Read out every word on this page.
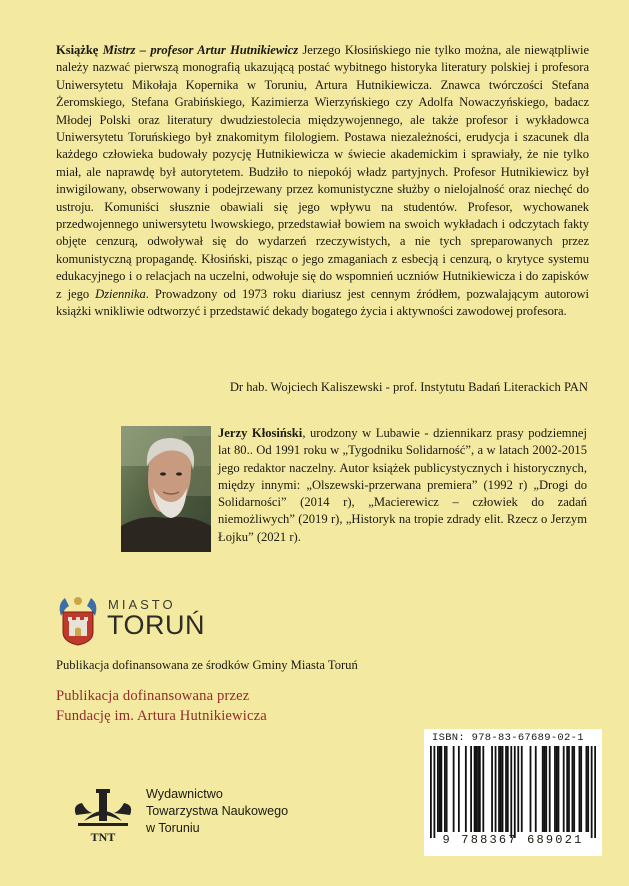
Książkę Mistrz – profesor Artur Hutnikiewicz Jerzego Kłosińskiego nie tylko można, ale niewątpliwie należy nazwać pierwszą monografią ukazującą postać wybitnego historyka literatury polskiej i profesora Uniwersytetu Mikołaja Kopernika w Toruniu, Artura Hutnikiewicza. Znawca twórczości Stefana Żeromskiego, Stefana Grabińskiego, Kazimierza Wierzyńskiego czy Adolfa Nowaczyńskiego, badacz Młodej Polski oraz literatury dwudziestolecia międzywojennego, ale także profesor i wykładowca Uniwersytetu Toruńskiego był znakomitym filologiem. Postawa niezależności, erudycja i szacunek dla każdego człowieka budowały pozycję Hutnikiewicza w świecie akademickim i sprawiały, że nie tylko miał, ale naprawdę był autorytetem. Budziło to niepokój władz partyjnych. Profesor Hutnikiewicz był inwigilowany, obserwowany i podejrzewany przez komunistyczne służby o nielojalność oraz niechęć do ustroju. Komuniści słusznie obawiali się jego wpływu na studentów. Profesor, wychowanek przedwojennego uniwersytetu lwowskiego, przedstawiał bowiem na swoich wykładach i odczytach fakty objęte cenzurą, odwoływał się do wydarzeń rzeczywistych, a nie tych spreparowanych przez komunistyczną propagandę. Kłosiński, pisząc o jego zmaganiach z esbecją i cenzurą, o krytyce systemu edukacyjnego i o relacjach na uczelni, odwołuje się do wspomnień uczniów Hutnikiewicza i do zapisków z jego Dziennika. Prowadzony od 1973 roku diariusz jest cennym źródłem, pozwalającym autorowi książki wnikliwie odtworzyć i przedstawić dekady bogatego życia i aktywności zawodowej profesora.
Dr hab. Wojciech Kaliszewski - prof. Instytutu Badań Literackich PAN
Jerzy Kłosiński, urodzony w Lubawie - dziennikarz prasy podziemnej lat 80.. Od 1991 roku w „Tygodniku Solidarność”, a w latach 2002-2015 jego redaktor naczelny. Autor książek publicystycznych i historycznych, między innymi: „Olszewski-przerwana premiera” (1992 r) „Drogi do Solidarności” (2014 r), „Macierewicz – człowiek do zadań niemożliwych” (2019 r), „Historyk na tropie zdrady elit. Rzecz o Jerzym Łojku” (2021 r).
MIASTO
TORUŃ
Publikacja dofinansowana ze środków Gminy Miasta Toruń
Publikacja dofinansowana przez
Fundację im. Artura Hutnikiewicza
ISBN: 978-83-67689-02-1
9 788367 689021
TNT
Wydawnictwo
Towarzystwa Naukowego
w Toruniu
